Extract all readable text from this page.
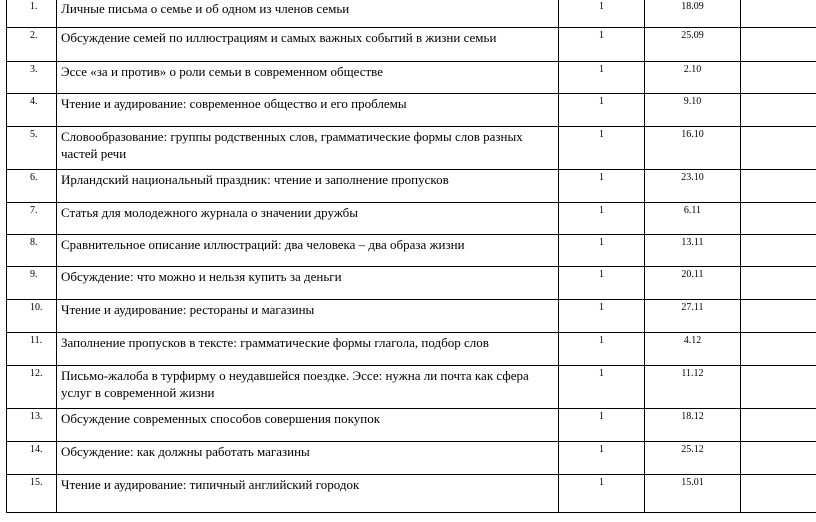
1.	Личные письма о семье и об одном из членов семьи	1	18.09	
2.	Обсуждение семей по иллюстрациям и самых важных событий в жизни семьи	1	25.09	
3.	Эссе «за и против» о роли семьи в современном обществе	1	2.10	
4.	Чтение и аудирование: современное общество и его проблемы	1	9.10	
5.	Словообразование: группы родственных слов, грамматические формы слов разных частей речи	1	16.10	
6.	Ирландский национальный праздник: чтение и заполнение пропусков	1	23.10	
7.	Статья для молодежного журнала о значении дружбы	1	6.11	
8.	Сравнительное описание иллюстраций: два человека – два образа жизни	1	13.11	
9.	Обсуждение: что можно и нельзя купить за деньги	1	20.11	
10.	Чтение и аудирование: рестораны и магазины	1	27.11	
11.	Заполнение пропусков в тексте: грамматические формы глагола, подбор слов	1	4.12	
12.	Письмо-жалоба в турфирму о неудавшейся поездке. Эссе: нужна ли почта как сфера услуг в современной жизни	1	11.12	
13.	Обсуждение современных способов совершения покупок	1	18.12	
14.	Обсуждение: как должны работать магазины	1	25.12	
15.	Чтение и аудирование: типичный английский городок	1	15.01	
